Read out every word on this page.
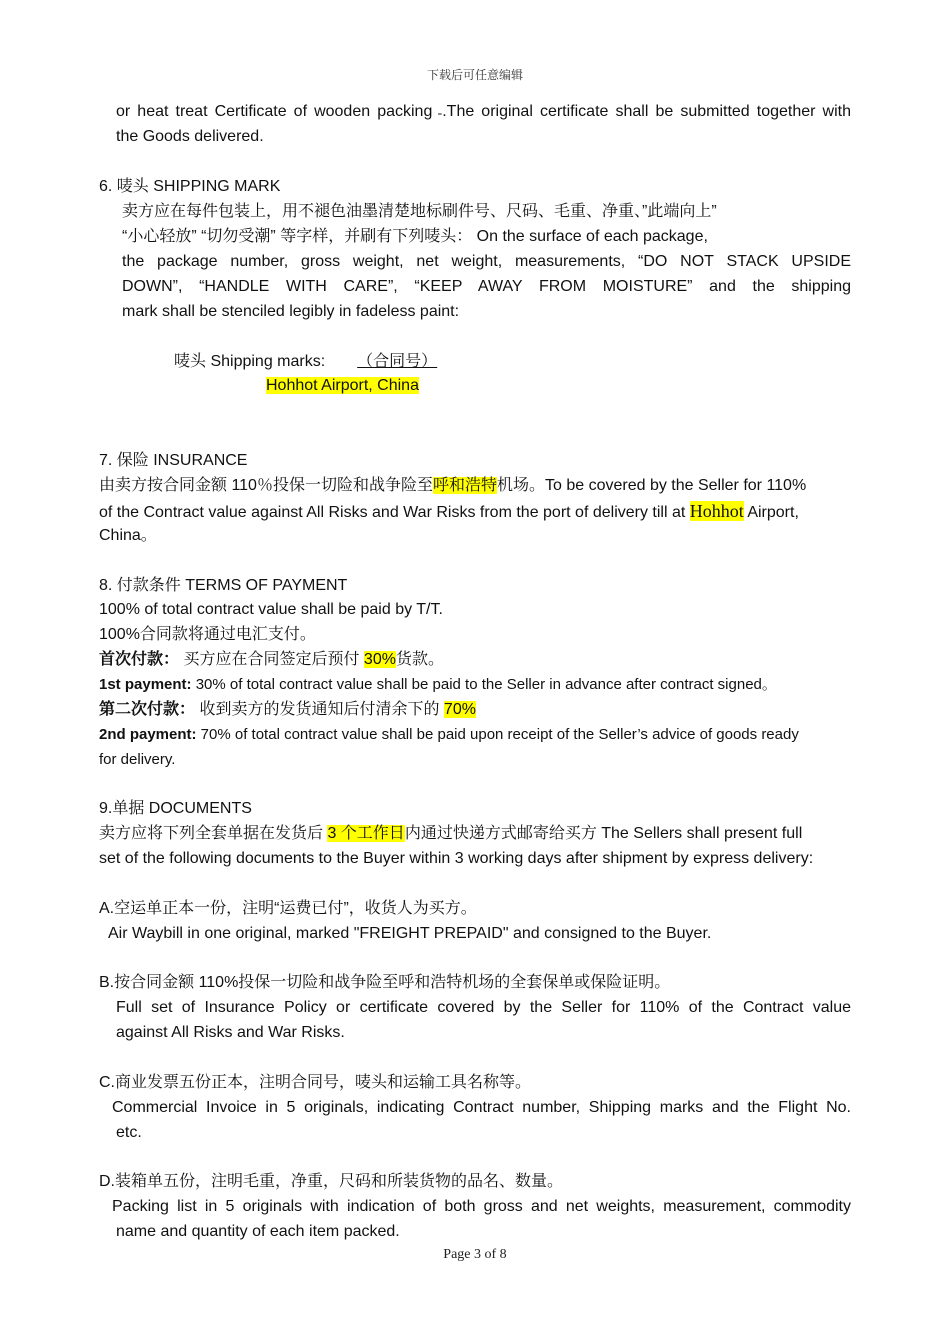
下载后可任意编辑
or heat treat Certificate of wooden packing ₌.The original certificate shall be submitted together with
the Goods delivered.
6. 唛头 SHIPPING MARK
卖方应在每件包装上，用不褪色油墨清楚地标刷件号、尺码、毛重、净重、”此端向上”
“小心轻放” “切勿受潮” 等字样，并刷有下列唛头： On the surface of each package,
the package number, gross weight, net weight, measurements, “DO NOT STACK UPSIDE
DOWN”, “HANDLE WITH CARE”, “KEEP AWAY FROM MOISTURE” and the shipping
mark shall be stenciled legibly in fadeless paint:
唛头 Shipping marks: （合同号）
Hohhot Airport, China
7. 保险 INSURANCE
由卖方按合同金额 110％投保一切险和战争险至呼和浩特机场。To be covered by the Seller for 110%
of the Contract value against All Risks and War Risks from the port of delivery till at Hohhot Airport,
China。
8. 付款条件 TERMS OF PAYMENT
100% of total contract value shall be paid by T/T.
100%合同款将通过电汇支付。
首次付款： 买方应在合同签定后预付 30%货款。
1st payment: 30% of total contract value shall be paid to the Seller in advance after contract signed。
第二次付款： 收到卖方的发货通知后付清余下的 70%
2nd payment: 70% of total contract value shall be paid upon receipt of the Seller’s advice of goods ready
for delivery.
9.单据 DOCUMENTS
卖方应将下列全套单据在发货后 3 个工作日内通过快递方式邮寄给买方 The Sellers shall present full
set of the following documents to the Buyer within 3 working days after shipment by express delivery:
A.空运单正本一份，注明“运费已付”，收货人为买方。
Air Waybill in one original, marked "FREIGHT PREPAID" and consigned to the Buyer.
B.按合同金额 110%投保一切险和战争险至呼和浩特机场的全套保单或保险证明。
Full set of Insurance Policy or certificate covered by the Seller for 110% of the Contract value
against All Risks and War Risks.
C.商业发票五份正本，注明合同号，唛头和运输工具名称等。
Commercial Invoice in 5 originals, indicating Contract number, Shipping marks and the Flight No.
etc.
D.装箱单五份，注明毛重，净重，尺码和所装货物的品名、数量。
Packing list in 5 originals with indication of both gross and net weights, measurement, commodity
name and quantity of each item packed.
Page 3 of 8
